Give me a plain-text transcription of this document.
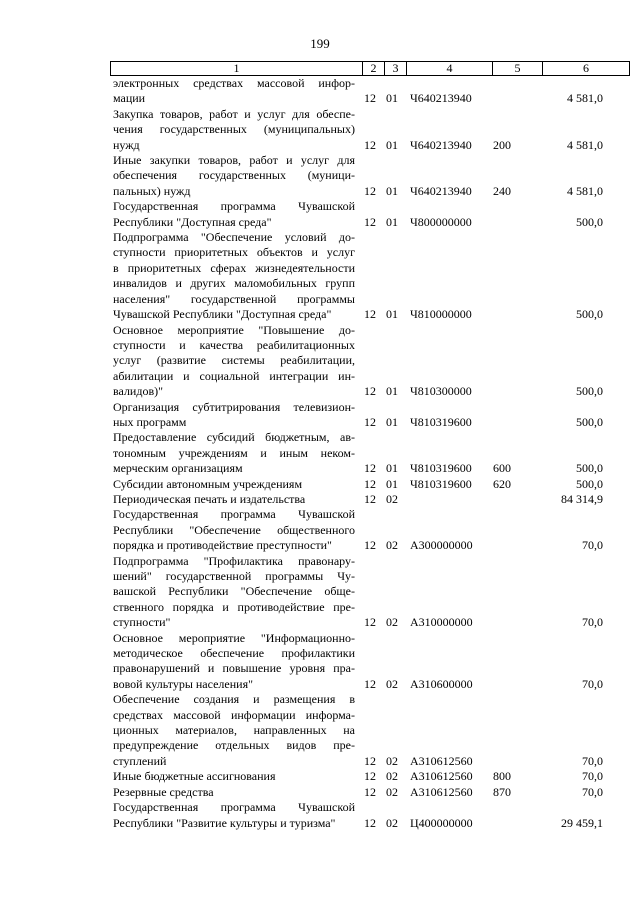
199
1	2	3	4	5	6
электронных средствах массовой инфор-
мации	12 01 Ч640213940	4 581,0
Закупка товаров, работ и услуг для обеспе-
чения государственных (муниципальных)
нужд	12 01 Ч640213940 200	4 581,0
Иные закупки товаров, работ и услуг для
обеспечения государственных (муници-
пальных) нужд	12 01 Ч640213940 240	4 581,0
Государственная программа Чувашской
Республики "Доступная среда"	12 01 Ч800000000	500,0
Подпрограмма "Обеспечение условий до-
ступности приоритетных объектов и услуг
в приоритетных сферах жизнедеятельности
инвалидов и других маломобильных групп
населения" государственной программы
Чувашской Республики "Доступная среда"	12 01 Ч810000000	500,0
Основное мероприятие "Повышение до-
ступности и качества реабилитационных
услуг (развитие системы реабилитации,
абилитации и социальной интеграции ин-
валидов)"	12 01 Ч810300000	500,0
Организация субтитрирования телевизион-
ных программ	12 01 Ч810319600	500,0
Предоставление субсидий бюджетным, ав-
тономным учреждениям и иным неком-
мерческим организациям	12 01 Ч810319600 600	500,0
Субсидии автономным учреждениям	12 01 Ч810319600 620	500,0
Периодическая печать и издательства	12 02	84 314,9
Государственная программа Чувашской
Республики "Обеспечение общественного
порядка и противодействие преступности"	12 02 А300000000	70,0
Подпрограмма "Профилактика правонару-
шений" государственной программы Чу-
вашской Республики "Обеспечение обще-
ственного порядка и противодействие пре-
ступности"	12 02 А310000000	70,0
Основное мероприятие "Информационно-
методическое обеспечение профилактики
правонарушений и повышение уровня пра-
вовой культуры населения"	12 02 А310600000	70,0
Обеспечение создания и размещения в
средствах массовой информации информа-
ционных материалов, направленных на
предупреждение отдельных видов пре-
ступлений	12 02 А310612560	70,0
Иные бюджетные ассигнования	12 02 А310612560 800	70,0
Резервные средства	12 02 А310612560 870	70,0
Государственная программа Чувашской
Республики "Развитие культуры и туризма"	12 02 Ц400000000	29 459,1
